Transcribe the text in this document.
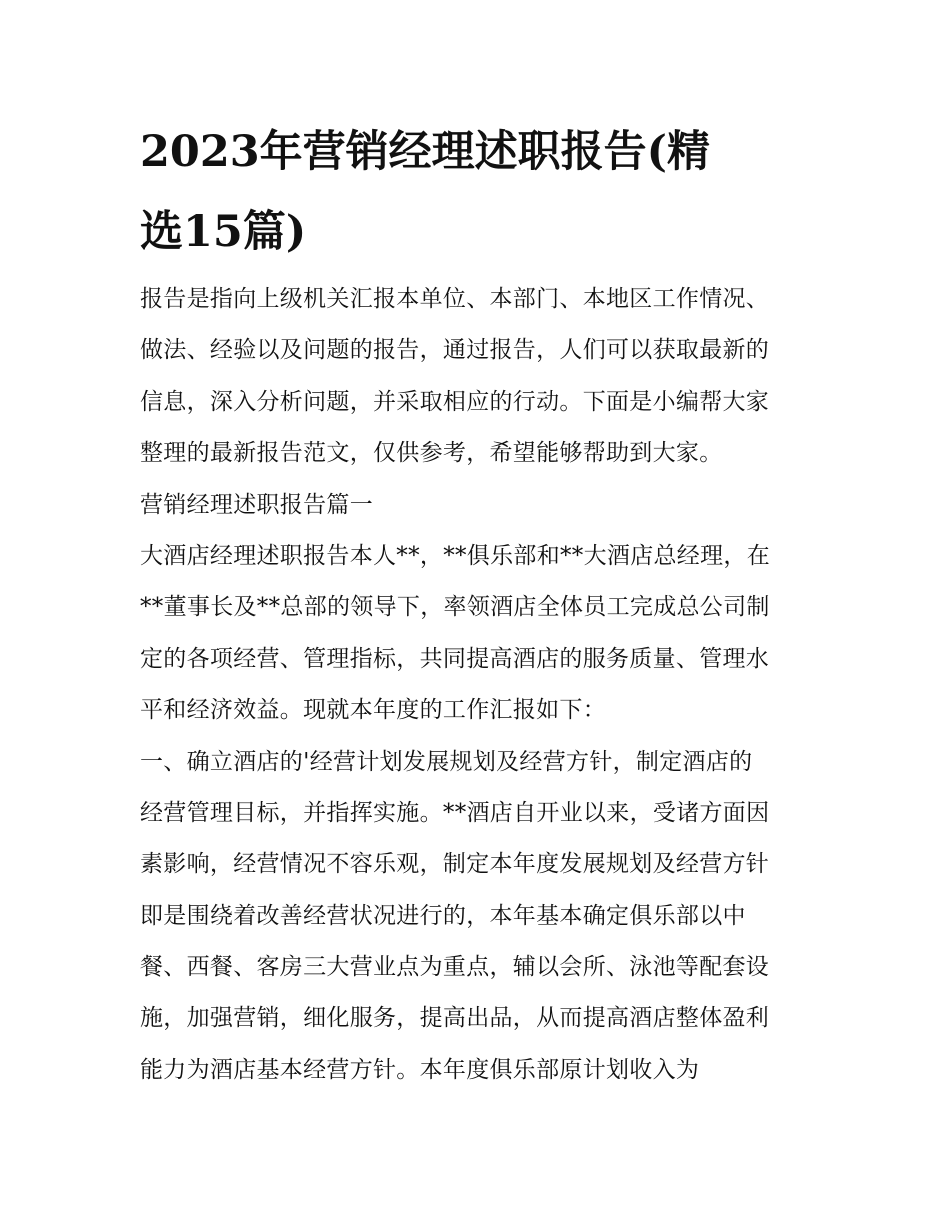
2023年营销经理述职报告(精
选15篇)
报告是指向上级机关汇报本单位、本部门、本地区工作情况、
做法、经验以及问题的报告，通过报告，人们可以获取最新的
信息，深入分析问题，并采取相应的行动。下面是小编帮大家
整理的最新报告范文，仅供参考，希望能够帮助到大家。
营销经理述职报告篇一
大酒店经理述职报告本人**，**俱乐部和**大酒店总经理，在
**董事长及**总部的领导下，率领酒店全体员工完成总公司制
定的各项经营、管理指标，共同提高酒店的服务质量、管理水
平和经济效益。现就本年度的工作汇报如下：
一、确立酒店的'经营计划发展规划及经营方针，制定酒店的
经营管理目标，并指挥实施。**酒店自开业以来，受诸方面因
素影响，经营情况不容乐观，制定本年度发展规划及经营方针
即是围绕着改善经营状况进行的，本年基本确定俱乐部以中
餐、西餐、客房三大营业点为重点，辅以会所、泳池等配套设
施，加强营销，细化服务，提高出品，从而提高酒店整体盈利
能力为酒店基本经营方针。本年度俱乐部原计划收入为
